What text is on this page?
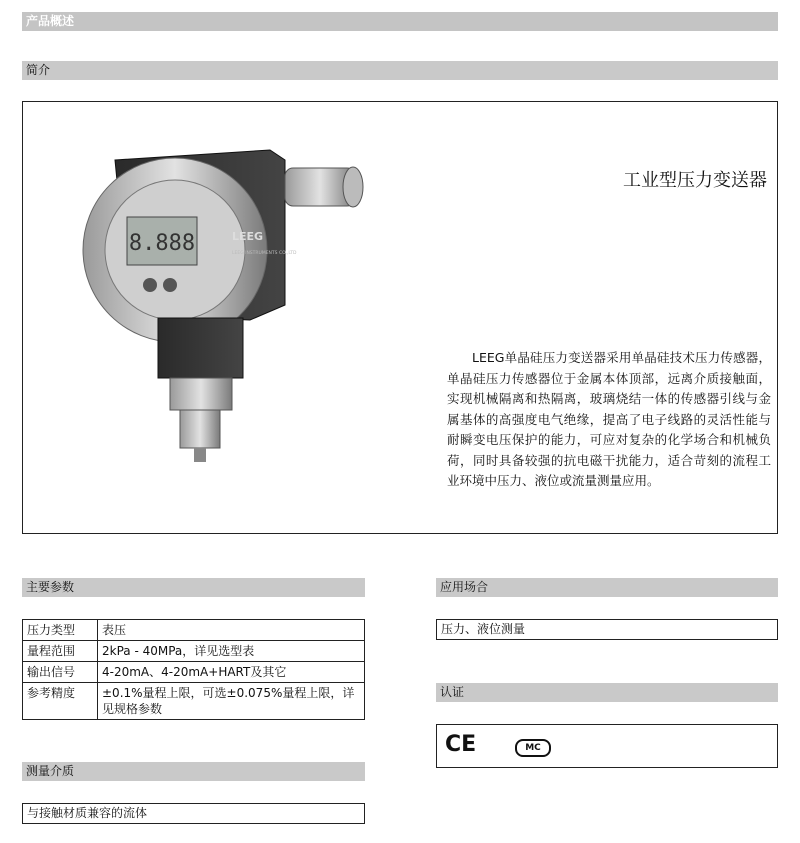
产品概述
简介
工业型压力变送器
LEEG单晶硅压力变送器采用单晶硅技术压力传感器，单晶硅压力传感器位于金属本体顶部，远离介质接触面，实现机械隔离和热隔离，玻璃烧结一体的传感器引线与金属基体的高强度电气绝缘，提高了电子线路的灵活性能与耐瞬变电压保护的能力，可应对复杂的化学场合和机械负荷，同时具备较强的抗电磁干扰能力，适合苛刻的流程工业环境中压力、液位或流量测量应用。
8.888	LEEG
LEEG INSTRUMENTS CO.,LTD
主要参数
压力类型	表压
量程范围	2kPa - 40MPa，详见选型表
输出信号	4-20mA、4-20mA+HART及其它
参考精度	±0.1%量程上限，可选±0.075%量程上限，详见规格参数
测量介质
与接触材质兼容的流体
应用场合
压力、液位测量
认证
CE	MC
